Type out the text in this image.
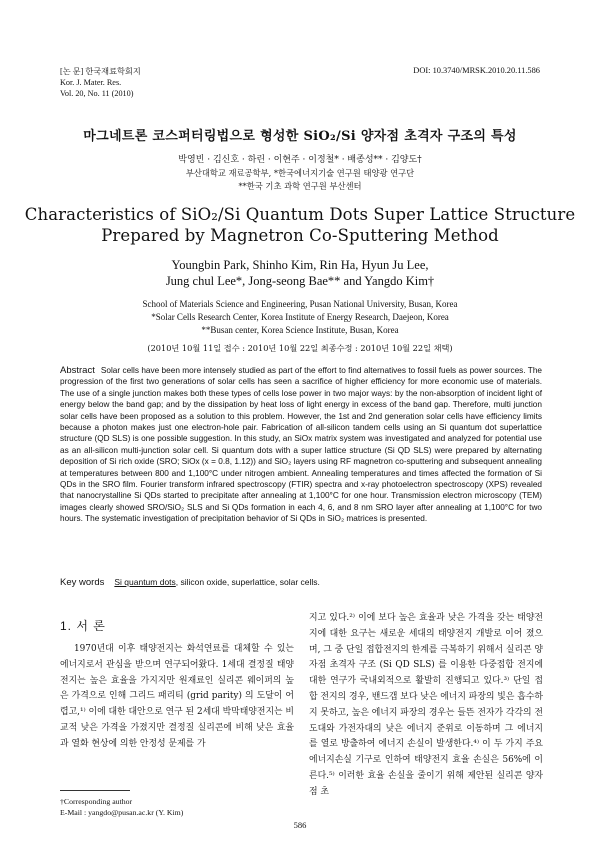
[논 문] 한국재료학회지
Kor. J. Mater. Res.
Vol. 20, No. 11 (2010)
DOI: 10.3740/MRSK.2010.20.11.586
마그네트론 코스퍼터링법으로 형성한 SiO₂/Si 양자점 초격자 구조의 특성
박영빈 · 김신호 · 하린 · 이현주 · 이정철* · 배종성** · 김양도†
부산대학교 재료공학부, *한국에너지기술 연구원 태양광 연구단
**한국 기초 과학 연구원 부산센터
Characteristics of SiO₂/Si Quantum Dots Super Lattice Structure
Prepared by Magnetron Co-Sputtering Method
Youngbin Park, Shinho Kim, Rin Ha, Hyun Ju Lee,
Jung chul Lee*, Jong-seong Bae** and Yangdo Kim†
School of Materials Science and Engineering, Pusan National University, Busan, Korea
*Solar Cells Research Center, Korea Institute of Energy Research, Daejeon, Korea
**Busan center, Korea Science Institute, Busan, Korea
(2010년 10월 11일 접수 : 2010년 10월 22일 최종수정 : 2010년 10월 22일 채택)
Abstract Solar cells have been more intensely studied as part of the effort to find alternatives to fossil fuels as power sources. The progression of the first two generations of solar cells has seen a sacrifice of higher efficiency for more economic use of materials. The use of a single junction makes both these types of cells lose power in two major ways: by the non-absorption of incident light of energy below the band gap; and by the dissipation by heat loss of light energy in excess of the band gap. Therefore, multi junction solar cells have been proposed as a solution to this problem. However, the 1st and 2nd generation solar cells have efficiency limits because a photon makes just one electron-hole pair. Fabrication of all-silicon tandem cells using an Si quantum dot superlattice structure (QD SLS) is one possible suggestion. In this study, an SiOx matrix system was investigated and analyzed for potential use as an all-silicon multi-junction solar cell. Si quantum dots with a super lattice structure (Si QD SLS) were prepared by alternating deposition of Si rich oxide (SRO; SiOx (x = 0.8, 1.12)) and SiO₂ layers using RF magnetron co-sputtering and subsequent annealing at temperatures between 800 and 1,100°C under nitrogen ambient. Annealing temperatures and times affected the formation of Si QDs in the SRO film. Fourier transform infrared spectroscopy (FTIR) spectra and x-ray photoelectron spectroscopy (XPS) revealed that nanocrystalline Si QDs started to precipitate after annealing at 1,100°C for one hour. Transmission electron microscopy (TEM) images clearly showed SRO/SiO₂ SLS and Si QDs formation in each 4, 6, and 8 nm SRO layer after annealing at 1,100°C for two hours. The systematic investigation of precipitation behavior of Si QDs in SiO₂ matrices is presented.
Key words Si quantum dots, silicon oxide, superlattice, solar cells.
1. 서 론
1970년대 이후 태양전지는 화석연료를 대체할 수 있는 에너지로서 관심을 받으며 연구되어왔다. 1세대 결정질 태양전지는 높은 효율을 가지지만 원재료인 실리콘 웨이퍼의 높은 가격으로 인해 그리드 패리티 (grid parity) 의 도달이 어렵고,¹⁾ 이에 대한 대안으로 연구 된 2세대 박막태양전지는 비교적 낮은 가격을 가졌지만 결정질 실리콘에 비해 낮은 효율과 열화 현상에 의한 안정성 문제를 가
지고 있다.²⁾ 이에 보다 높은 효율과 낮은 가격을 갖는 태양전지에 대한 요구는 새로운 세대의 태양전지 개발로 이어 졌으며, 그 중 단일 접합전지의 한계를 극복하기 위해서 실리콘 양자점 초격자 구조 (Si QD SLS) 를 이용한 다중접합 전지에 대한 연구가 국내외적으로 활발히 진행되고 있다.³⁾ 단일 접합 전지의 경우, 밴드갭 보다 낮은 에너지 파장의 빛은 흡수하지 못하고, 높은 에너지 파장의 경우는 들뜬 전자가 각각의 전도대와 가전자대의 낮은 에너지 준위로 이동하며 그 에너지를 열로 방출하여 에너지 손실이 발생한다.⁴⁾ 이 두 가지 주요 에너지손실 기구로 인하여 태양전지 효율 손실은 56%에 이른다.⁵⁾ 이러한 효율 손실을 줄이기 위해 제안된 실리콘 양자점 초
†Corresponding author
E-Mail : yangdo@pusan.ac.kr (Y. Kim)
586
